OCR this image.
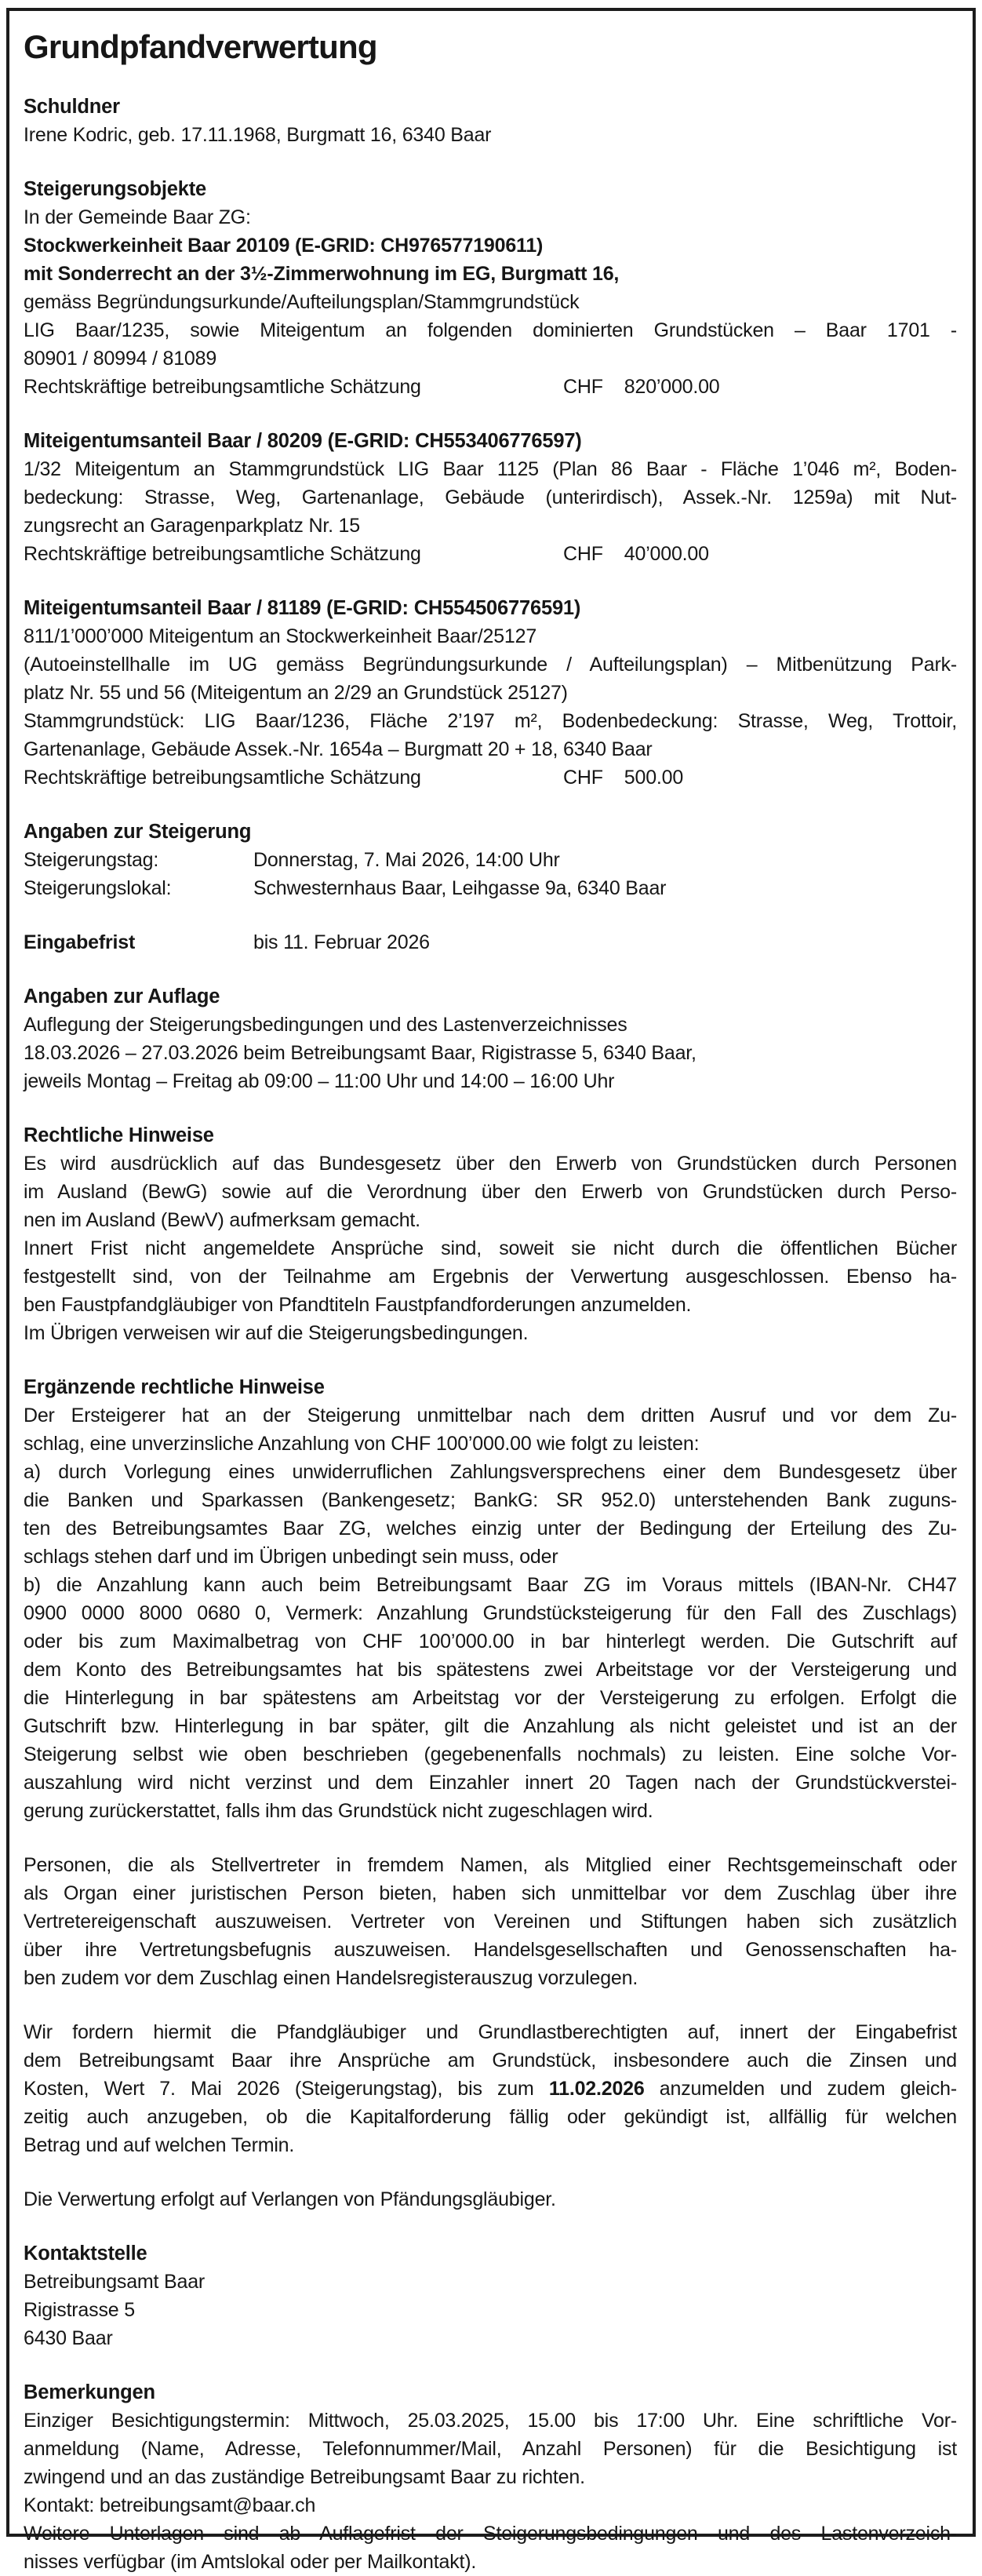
Grundpfandverwertung
Schuldner
Irene Kodric, geb. 17.11.1968, Burgmatt 16, 6340 Baar
Steigerungsobjekte
In der Gemeinde Baar ZG:
Stockwerkeinheit Baar 20109 (E-GRID: CH976577190611)
mit Sonderrecht an der 3½-Zimmerwohnung im EG, Burgmatt 16,
gemäss Begründungsurkunde/Aufteilungsplan/Stammgrundstück
LIG Baar/1235, sowie Miteigentum an folgenden dominierten Grundstücken – Baar 1701 -
80901 / 80994 / 81089
Rechtskräftige betreibungsamtliche Schätzung	CHF 820’000.00
Miteigentumsanteil Baar / 80209 (E-GRID: CH553406776597)
1/32 Miteigentum an Stammgrundstück LIG Baar 1125 (Plan 86 Baar - Fläche 1’046 m², Boden-
bedeckung: Strasse, Weg, Gartenanlage, Gebäude (unterirdisch), Assek.-Nr. 1259a) mit Nut-
zungsrecht an Garagenparkplatz Nr. 15
Rechtskräftige betreibungsamtliche Schätzung	CHF 40’000.00
Miteigentumsanteil Baar / 81189 (E-GRID: CH554506776591)
811/1’000’000 Miteigentum an Stockwerkeinheit Baar/25127
(Autoeinstellhalle im UG gemäss Begründungsurkunde / Aufteilungsplan) – Mitbenützung Park-
platz Nr. 55 und 56 (Miteigentum an 2/29 an Grundstück 25127)
Stammgrundstück: LIG Baar/1236, Fläche 2’197 m², Bodenbedeckung: Strasse, Weg, Trottoir,
Gartenanlage, Gebäude Assek.-Nr. 1654a – Burgmatt 20 + 18, 6340 Baar
Rechtskräftige betreibungsamtliche Schätzung	CHF 500.00
Angaben zur Steigerung
Steigerungstag:	Donnerstag, 7. Mai 2026, 14:00 Uhr
Steigerungslokal:	Schwesternhaus Baar, Leihgasse 9a, 6340 Baar
Eingabefrist	bis 11. Februar 2026
Angaben zur Auflage
Auflegung der Steigerungsbedingungen und des Lastenverzeichnisses
18.03.2026 – 27.03.2026 beim Betreibungsamt Baar, Rigistrasse 5, 6340 Baar,
jeweils Montag – Freitag ab 09:00 – 11:00 Uhr und 14:00 – 16:00 Uhr
Rechtliche Hinweise
Es wird ausdrücklich auf das Bundesgesetz über den Erwerb von Grundstücken durch Personen
im Ausland (BewG) sowie auf die Verordnung über den Erwerb von Grundstücken durch Perso-
nen im Ausland (BewV) aufmerksam gemacht.
Innert Frist nicht angemeldete Ansprüche sind, soweit sie nicht durch die öffentlichen Bücher
festgestellt sind, von der Teilnahme am Ergebnis der Verwertung ausgeschlossen. Ebenso ha-
ben Faustpfandgläubiger von Pfandtiteln Faustpfandforderungen anzumelden.
Im Übrigen verweisen wir auf die Steigerungsbedingungen.
Ergänzende rechtliche Hinweise
Der Ersteigerer hat an der Steigerung unmittelbar nach dem dritten Ausruf und vor dem Zu-
schlag, eine unverzinsliche Anzahlung von CHF 100’000.00 wie folgt zu leisten:
a) durch Vorlegung eines unwiderruflichen Zahlungsversprechens einer dem Bundesgesetz über
die Banken und Sparkassen (Bankengesetz; BankG: SR 952.0) unterstehenden Bank zuguns-
ten des Betreibungsamtes Baar ZG, welches einzig unter der Bedingung der Erteilung des Zu-
schlags stehen darf und im Übrigen unbedingt sein muss, oder
b) die Anzahlung kann auch beim Betreibungsamt Baar ZG im Voraus mittels (IBAN-Nr. CH47
0900 0000 8000 0680 0, Vermerk: Anzahlung Grundstücksteigerung für den Fall des Zuschlags)
oder bis zum Maximalbetrag von CHF 100’000.00 in bar hinterlegt werden. Die Gutschrift auf
dem Konto des Betreibungsamtes hat bis spätestens zwei Arbeitstage vor der Versteigerung und
die Hinterlegung in bar spätestens am Arbeitstag vor der Versteigerung zu erfolgen. Erfolgt die
Gutschrift bzw. Hinterlegung in bar später, gilt die Anzahlung als nicht geleistet und ist an der
Steigerung selbst wie oben beschrieben (gegebenenfalls nochmals) zu leisten. Eine solche Vor-
auszahlung wird nicht verzinst und dem Einzahler innert 20 Tagen nach der Grundstückverstei-
gerung zurückerstattet, falls ihm das Grundstück nicht zugeschlagen wird.
Personen, die als Stellvertreter in fremdem Namen, als Mitglied einer Rechtsgemeinschaft oder
als Organ einer juristischen Person bieten, haben sich unmittelbar vor dem Zuschlag über ihre
Vertretereigenschaft auszuweisen. Vertreter von Vereinen und Stiftungen haben sich zusätzlich
über ihre Vertretungsbefugnis auszuweisen. Handelsgesellschaften und Genossenschaften ha-
ben zudem vor dem Zuschlag einen Handelsregisterauszug vorzulegen.
Wir fordern hiermit die Pfandgläubiger und Grundlastberechtigten auf, innert der Eingabefrist
dem Betreibungsamt Baar ihre Ansprüche am Grundstück, insbesondere auch die Zinsen und
Kosten, Wert 7. Mai 2026 (Steigerungstag), bis zum 11.02.2026 anzumelden und zudem gleich-
zeitig auch anzugeben, ob die Kapitalforderung fällig oder gekündigt ist, allfällig für welchen
Betrag und auf welchen Termin.
Die Verwertung erfolgt auf Verlangen von Pfändungsgläubiger.
Kontaktstelle
Betreibungsamt Baar
Rigistrasse 5
6430 Baar
Bemerkungen
Einziger Besichtigungstermin: Mittwoch, 25.03.2025, 15.00 bis 17:00 Uhr. Eine schriftliche Vor-
anmeldung (Name, Adresse, Telefonnummer/Mail, Anzahl Personen) für die Besichtigung ist
zwingend und an das zuständige Betreibungsamt Baar zu richten.
Kontakt: betreibungsamt@baar.ch
Weitere Unterlagen sind ab Auflagefrist der Steigerungsbedingungen und des Lastenverzeich-
nisses verfügbar (im Amtslokal oder per Mailkontakt).
